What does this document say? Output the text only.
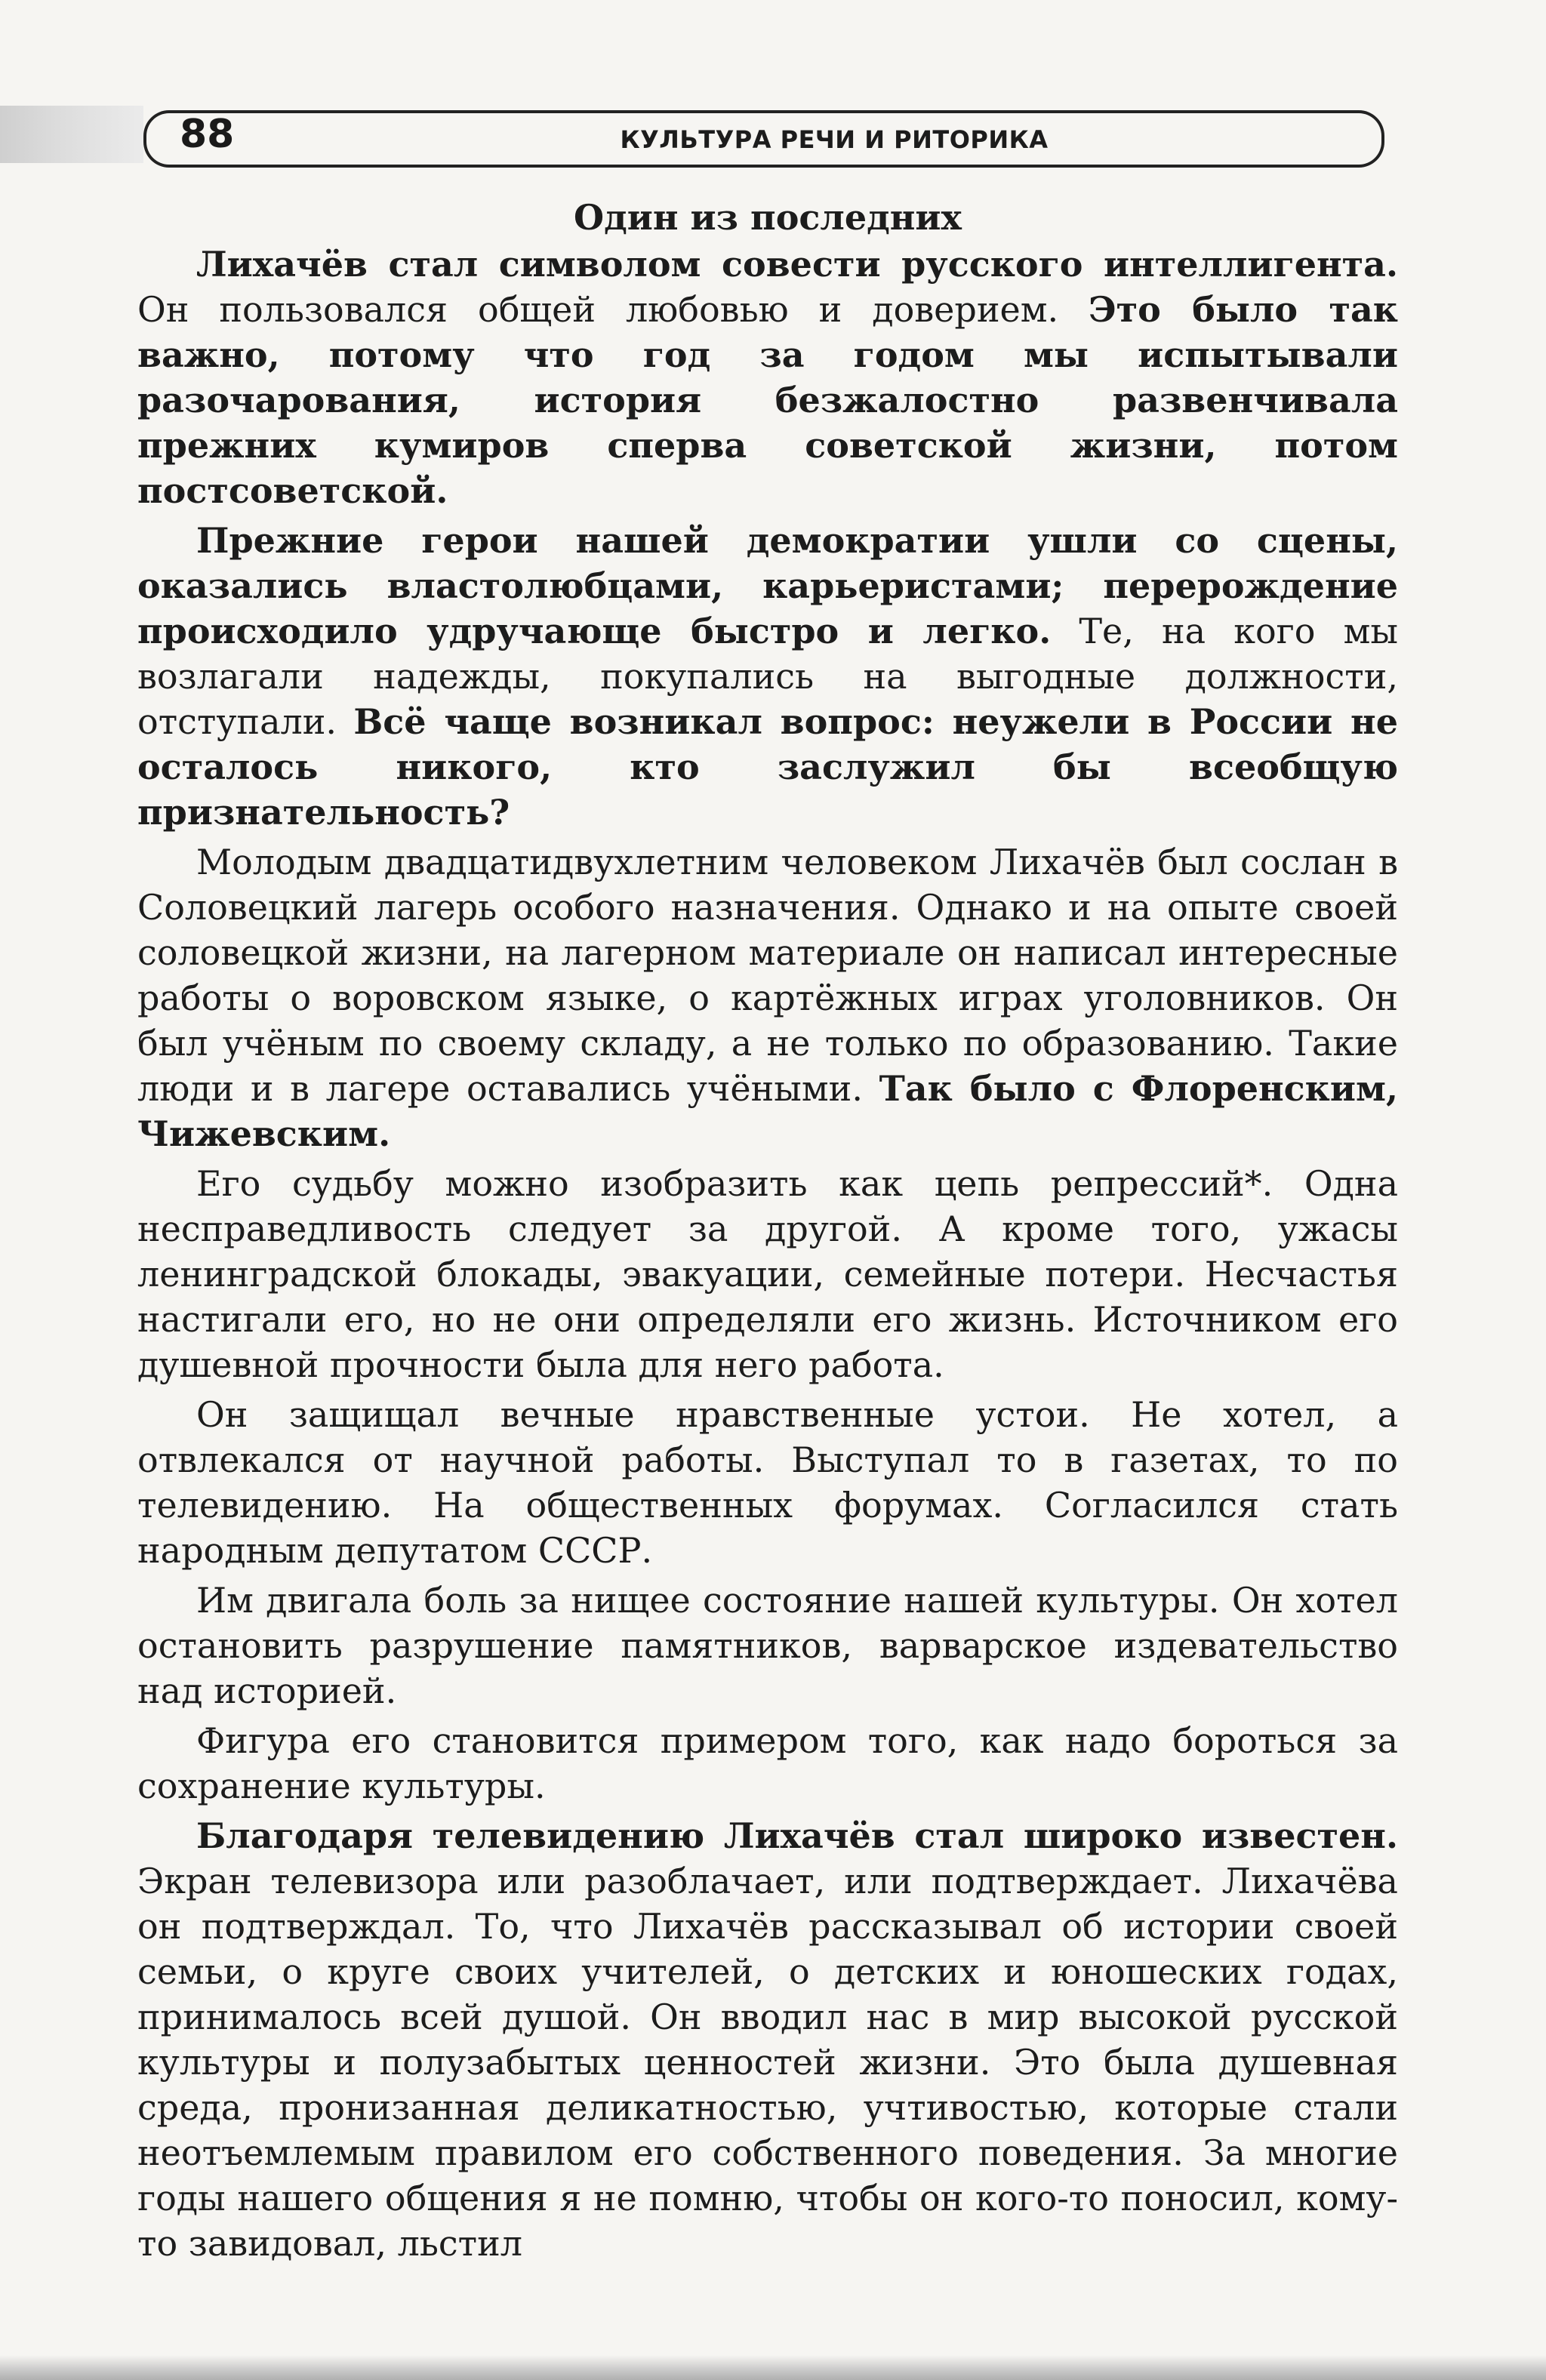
88	КУЛЬТУРА РЕЧИ И РИТОРИКА
Один из последних

Лихачёв стал символом совести русского интеллигента. Он пользовался общей любовью и доверием. Это было так важно, потому что год за годом мы испытывали разочарования, история безжалостно развенчивала прежних кумиров сперва советской жизни, потом постсоветской.

Прежние герои нашей демократии ушли со сцены, оказались властолюбцами, карьеристами; перерождение происходило удручающе быстро и легко. Те, на кого мы возлагали надежды, покупались на выгодные должности, отступали. Всё чаще возникал вопрос: неужели в России не осталось никого, кто заслужил бы всеобщую признательность?

Молодым двадцатидвухлетним человеком Лихачёв был сослан в Соловецкий лагерь особого назначения. Однако и на опыте своей соловецкой жизни, на лагерном материале он написал интересные работы о воровском языке, о картёжных играх уголовников. Он был учёным по своему складу, а не только по образованию. Такие люди и в лагере оставались учёными. Так было с Флоренским, Чижевским.

Его судьбу можно изобразить как цепь репрессий*. Одна несправедливость следует за другой. А кроме того, ужасы ленинградской блокады, эвакуации, семейные потери. Несчастья настигали его, но не они определяли его жизнь. Источником его душевной прочности была для него работа.

Он защищал вечные нравственные устои. Не хотел, а отвлекался от научной работы. Выступал то в газетах, то по телевидению. На общественных форумах. Согласился стать народным депутатом СССР.

Им двигала боль за нищее состояние нашей культуры. Он хотел остановить разрушение памятников, варварское издевательство над историей.

Фигура его становится примером того, как надо бороться за сохранение культуры.

Благодаря телевидению Лихачёв стал широко известен. Экран телевизора или разоблачает, или подтверждает. Лихачёва он подтверждал. То, что Лихачёв рассказывал об истории своей семьи, о круге своих учителей, о детских и юношеских годах, принималось всей душой. Он вводил нас в мир высокой русской культуры и полузабытых ценностей жизни. Это была душевная среда, пронизанная деликатностью, учтивостью, которые стали неотъемлемым правилом его собственного поведения. За многие годы нашего общения я не помню, чтобы он кого-то поносил, кому-то завидовал, льстил
